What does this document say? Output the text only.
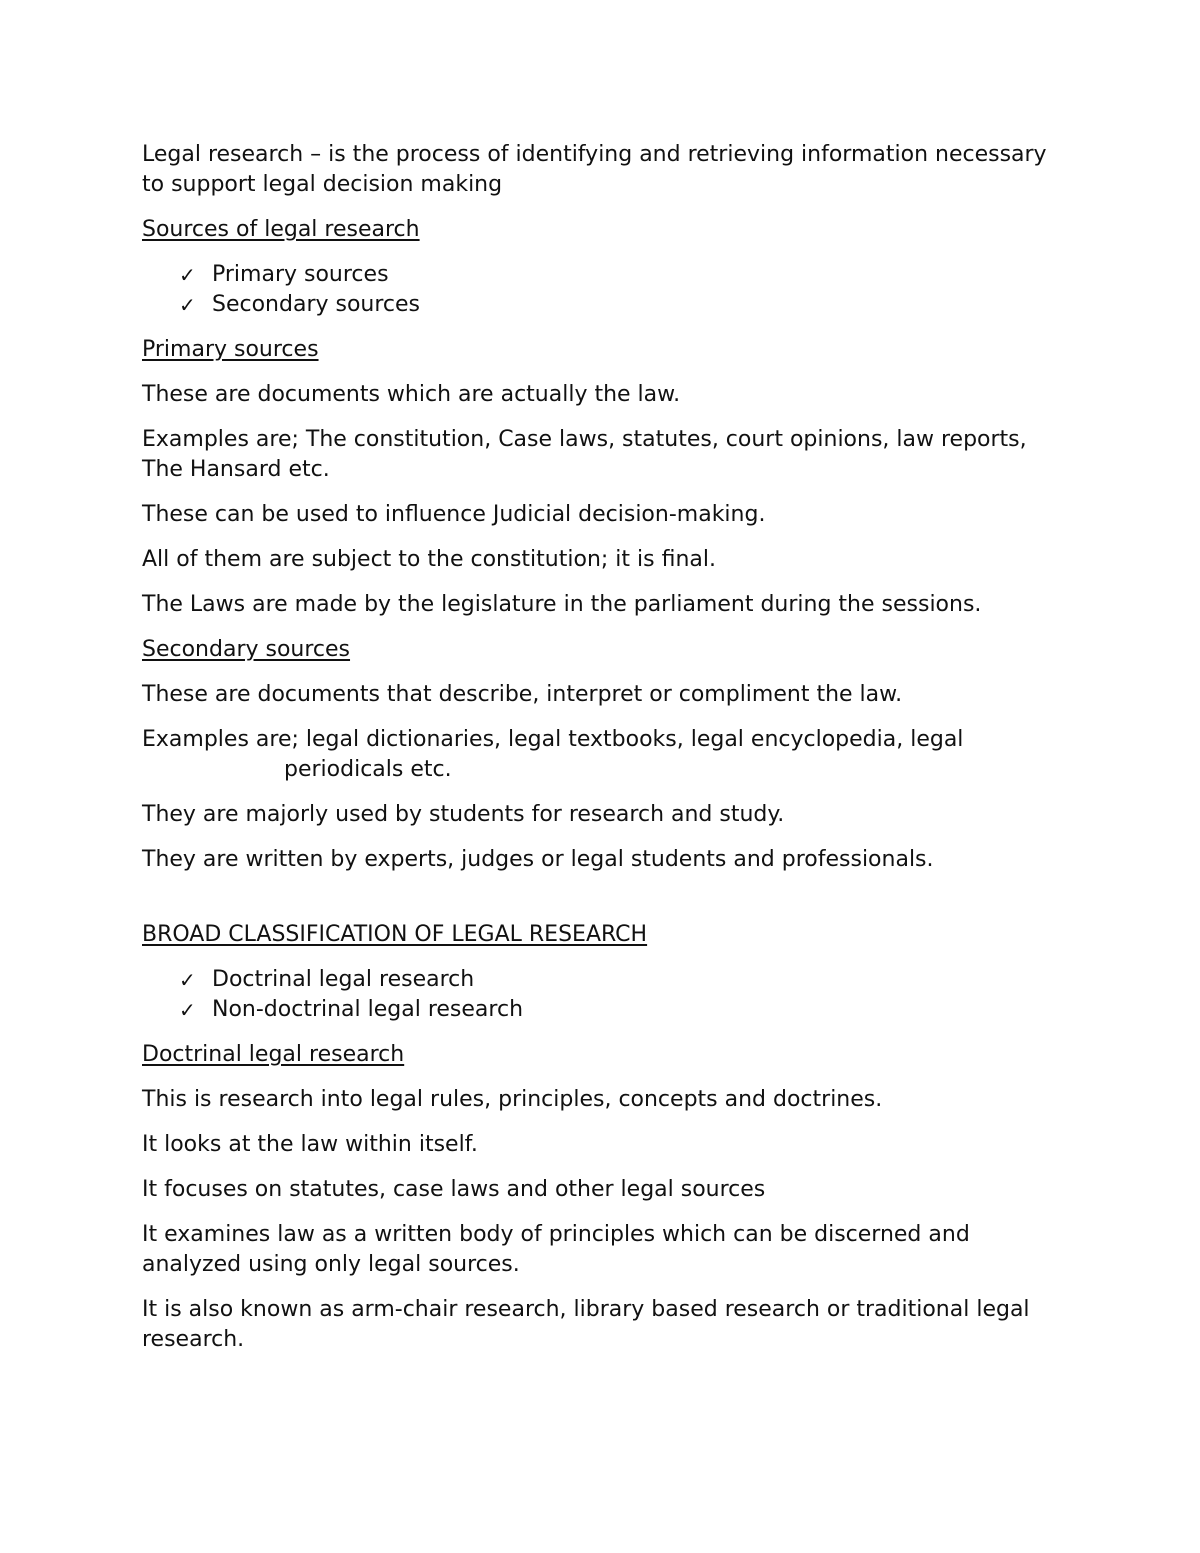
Legal research – is the process of identifying and retrieving information necessary to support legal decision making

Sources of legal research

✓ Primary sources
✓ Secondary sources

Primary sources

These are documents which are actually the law.

Examples are; The constitution, Case laws, statutes, court opinions, law reports, The Hansard etc.

These can be used to influence Judicial decision-making.

All of them are subject to the constitution; it is final.

The Laws are made by the legislature in the parliament during the sessions.

Secondary sources

These are documents that describe, interpret or compliment the law.

Examples are; legal dictionaries, legal textbooks, legal encyclopedia, legal
periodicals etc.

They are majorly used by students for research and study.

They are written by experts, judges or legal students and professionals.

BROAD CLASSIFICATION OF LEGAL RESEARCH

✓ Doctrinal legal research
✓ Non-doctrinal legal research

Doctrinal legal research

This is research into legal rules, principles, concepts and doctrines.

It looks at the law within itself.

It focuses on statutes, case laws and other legal sources

It examines law as a written body of principles which can be discerned and analyzed using only legal sources.

It is also known as arm-chair research, library based research or traditional legal research.
